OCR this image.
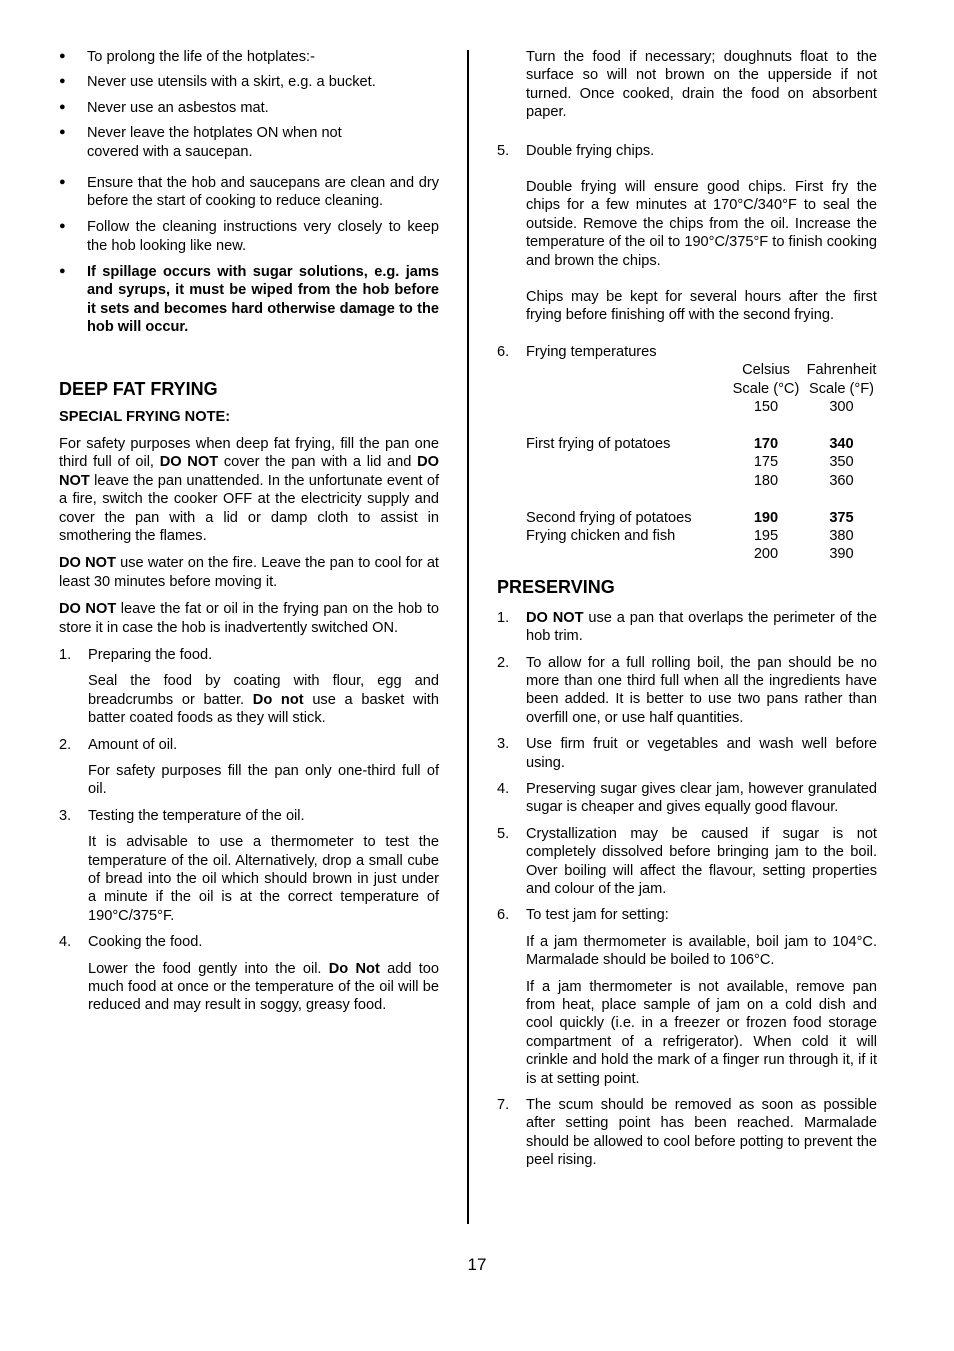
● To prolong the life of the hotplates:-
● Never use utensils with a skirt, e.g. a bucket.
● Never use an asbestos mat.
● Never leave the hotplates ON when not covered with a saucepan.
● Ensure that the hob and saucepans are clean and dry before the start of cooking to reduce cleaning.
● Follow the cleaning instructions very closely to keep the hob looking like new.
● If spillage occurs with sugar solutions, e.g. jams and syrups, it must be wiped from the hob before it sets and becomes hard otherwise damage to the hob will occur.
DEEP FAT FRYING
SPECIAL FRYING NOTE:
For safety purposes when deep fat frying, fill the pan one third full of oil, DO NOT cover the pan with a lid and DO NOT leave the pan unattended. In the unfortunate event of a fire, switch the cooker OFF at the electricity supply and cover the pan with a lid or damp cloth to assist in smothering the flames.
DO NOT use water on the fire. Leave the pan to cool for at least 30 minutes before moving it.
DO NOT leave the fat or oil in the frying pan on the hob to store it in case the hob is inadvertently switched ON.
1. Preparing the food.
Seal the food by coating with flour, egg and breadcrumbs or batter. Do not use a basket with batter coated foods as they will stick.
2. Amount of oil.
For safety purposes fill the pan only one-third full of oil.
3. Testing the temperature of the oil.
It is advisable to use a thermometer to test the temperature of the oil. Alternatively, drop a small cube of bread into the oil which should brown in just under a minute if the oil is at the correct temperature of 190°C/375°F.
4. Cooking the food.
Lower the food gently into the oil. Do Not add too much food at once or the temperature of the oil will be reduced and may result in soggy, greasy food.
Turn the food if necessary; doughnuts float to the surface so will not brown on the upperside if not turned. Once cooked, drain the food on absorbent paper.
5. Double frying chips.
Double frying will ensure good chips. First fry the chips for a few minutes at 170°C/340°F to seal the outside. Remove the chips from the oil. Increase the temperature of the oil to 190°C/375°F to finish cooking and brown the chips.
Chips may be kept for several hours after the first frying before finishing off with the second frying.
6. Frying temperatures
	Celsius	Fahrenheit
	Scale (°C)	Scale (°F)
	150	300

First frying of potatoes	170	340
	175	350
	180	360

Second frying of potatoes	190	375
Frying chicken and fish	195	380
	200	390
PRESERVING
1. DO NOT use a pan that overlaps the perimeter of the hob trim.
2. To allow for a full rolling boil, the pan should be no more than one third full when all the ingredients have been added. It is better to use two pans rather than overfill one, or use half quantities.
3. Use firm fruit or vegetables and wash well before using.
4. Preserving sugar gives clear jam, however granulated sugar is cheaper and gives equally good flavour.
5. Crystallization may be caused if sugar is not completely dissolved before bringing jam to the boil. Over boiling will affect the flavour, setting properties and colour of the jam.
6. To test jam for setting:
If a jam thermometer is available, boil jam to 104°C. Marmalade should be boiled to 106°C.
If a jam thermometer is not available, remove pan from heat, place sample of jam on a cold dish and cool quickly (i.e. in a freezer or frozen food storage compartment of a refrigerator). When cold it will crinkle and hold the mark of a finger run through it, if it is at setting point.
7. The scum should be removed as soon as possible after setting point has been reached. Marmalade should be allowed to cool before potting to prevent the peel rising.
17
